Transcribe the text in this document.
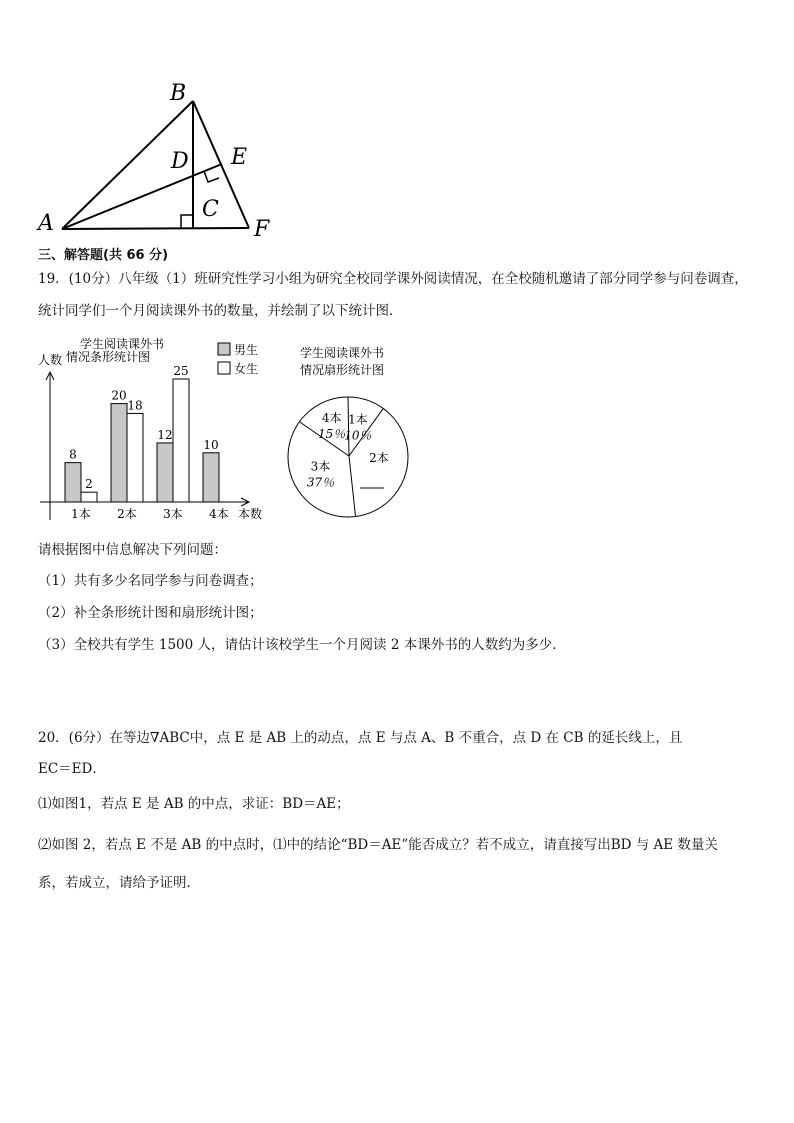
B
D E
C
A	F
三、解答题(共 66 分)
19．(10分）八年级（1）班研究性学习小组为研究全校同学课外阅读情况，在全校随机邀请了部分同学参与问卷调查，
统计同学们一个月阅读课外书的数量，并绘制了以下统计图．
学生阅读课外书
情况条形统计图
人数
本数
男生
女生
8
2
1本
20
18
2本
12
25
3本
10
4本
学生阅读课外书
情况扇形统计图
1本
10％
2本
3本
37％
4本
15％
请根据图中信息解决下列问题：
（1）共有多少名同学参与问卷调查；
（2）补全条形统计图和扇形统计图；
（3）全校共有学生 1500 人，请估计该校学生一个月阅读 2 本课外书的人数约为多少．
20．(6分）在等边∇ABC中，点 E 是 AB 上的动点，点 E 与点 A、B 不重合，点 D 在 CB 的延长线上，且
EC＝ED．
⑴如图1，若点 E 是 AB 的中点，求证：BD＝AE；
⑵如图 2，若点 E 不是 AB 的中点时，⑴中的结论“BD＝AE”能否成立？若不成立，请直接写出BD 与 AE 数量关
系，若成立，请给予证明．
